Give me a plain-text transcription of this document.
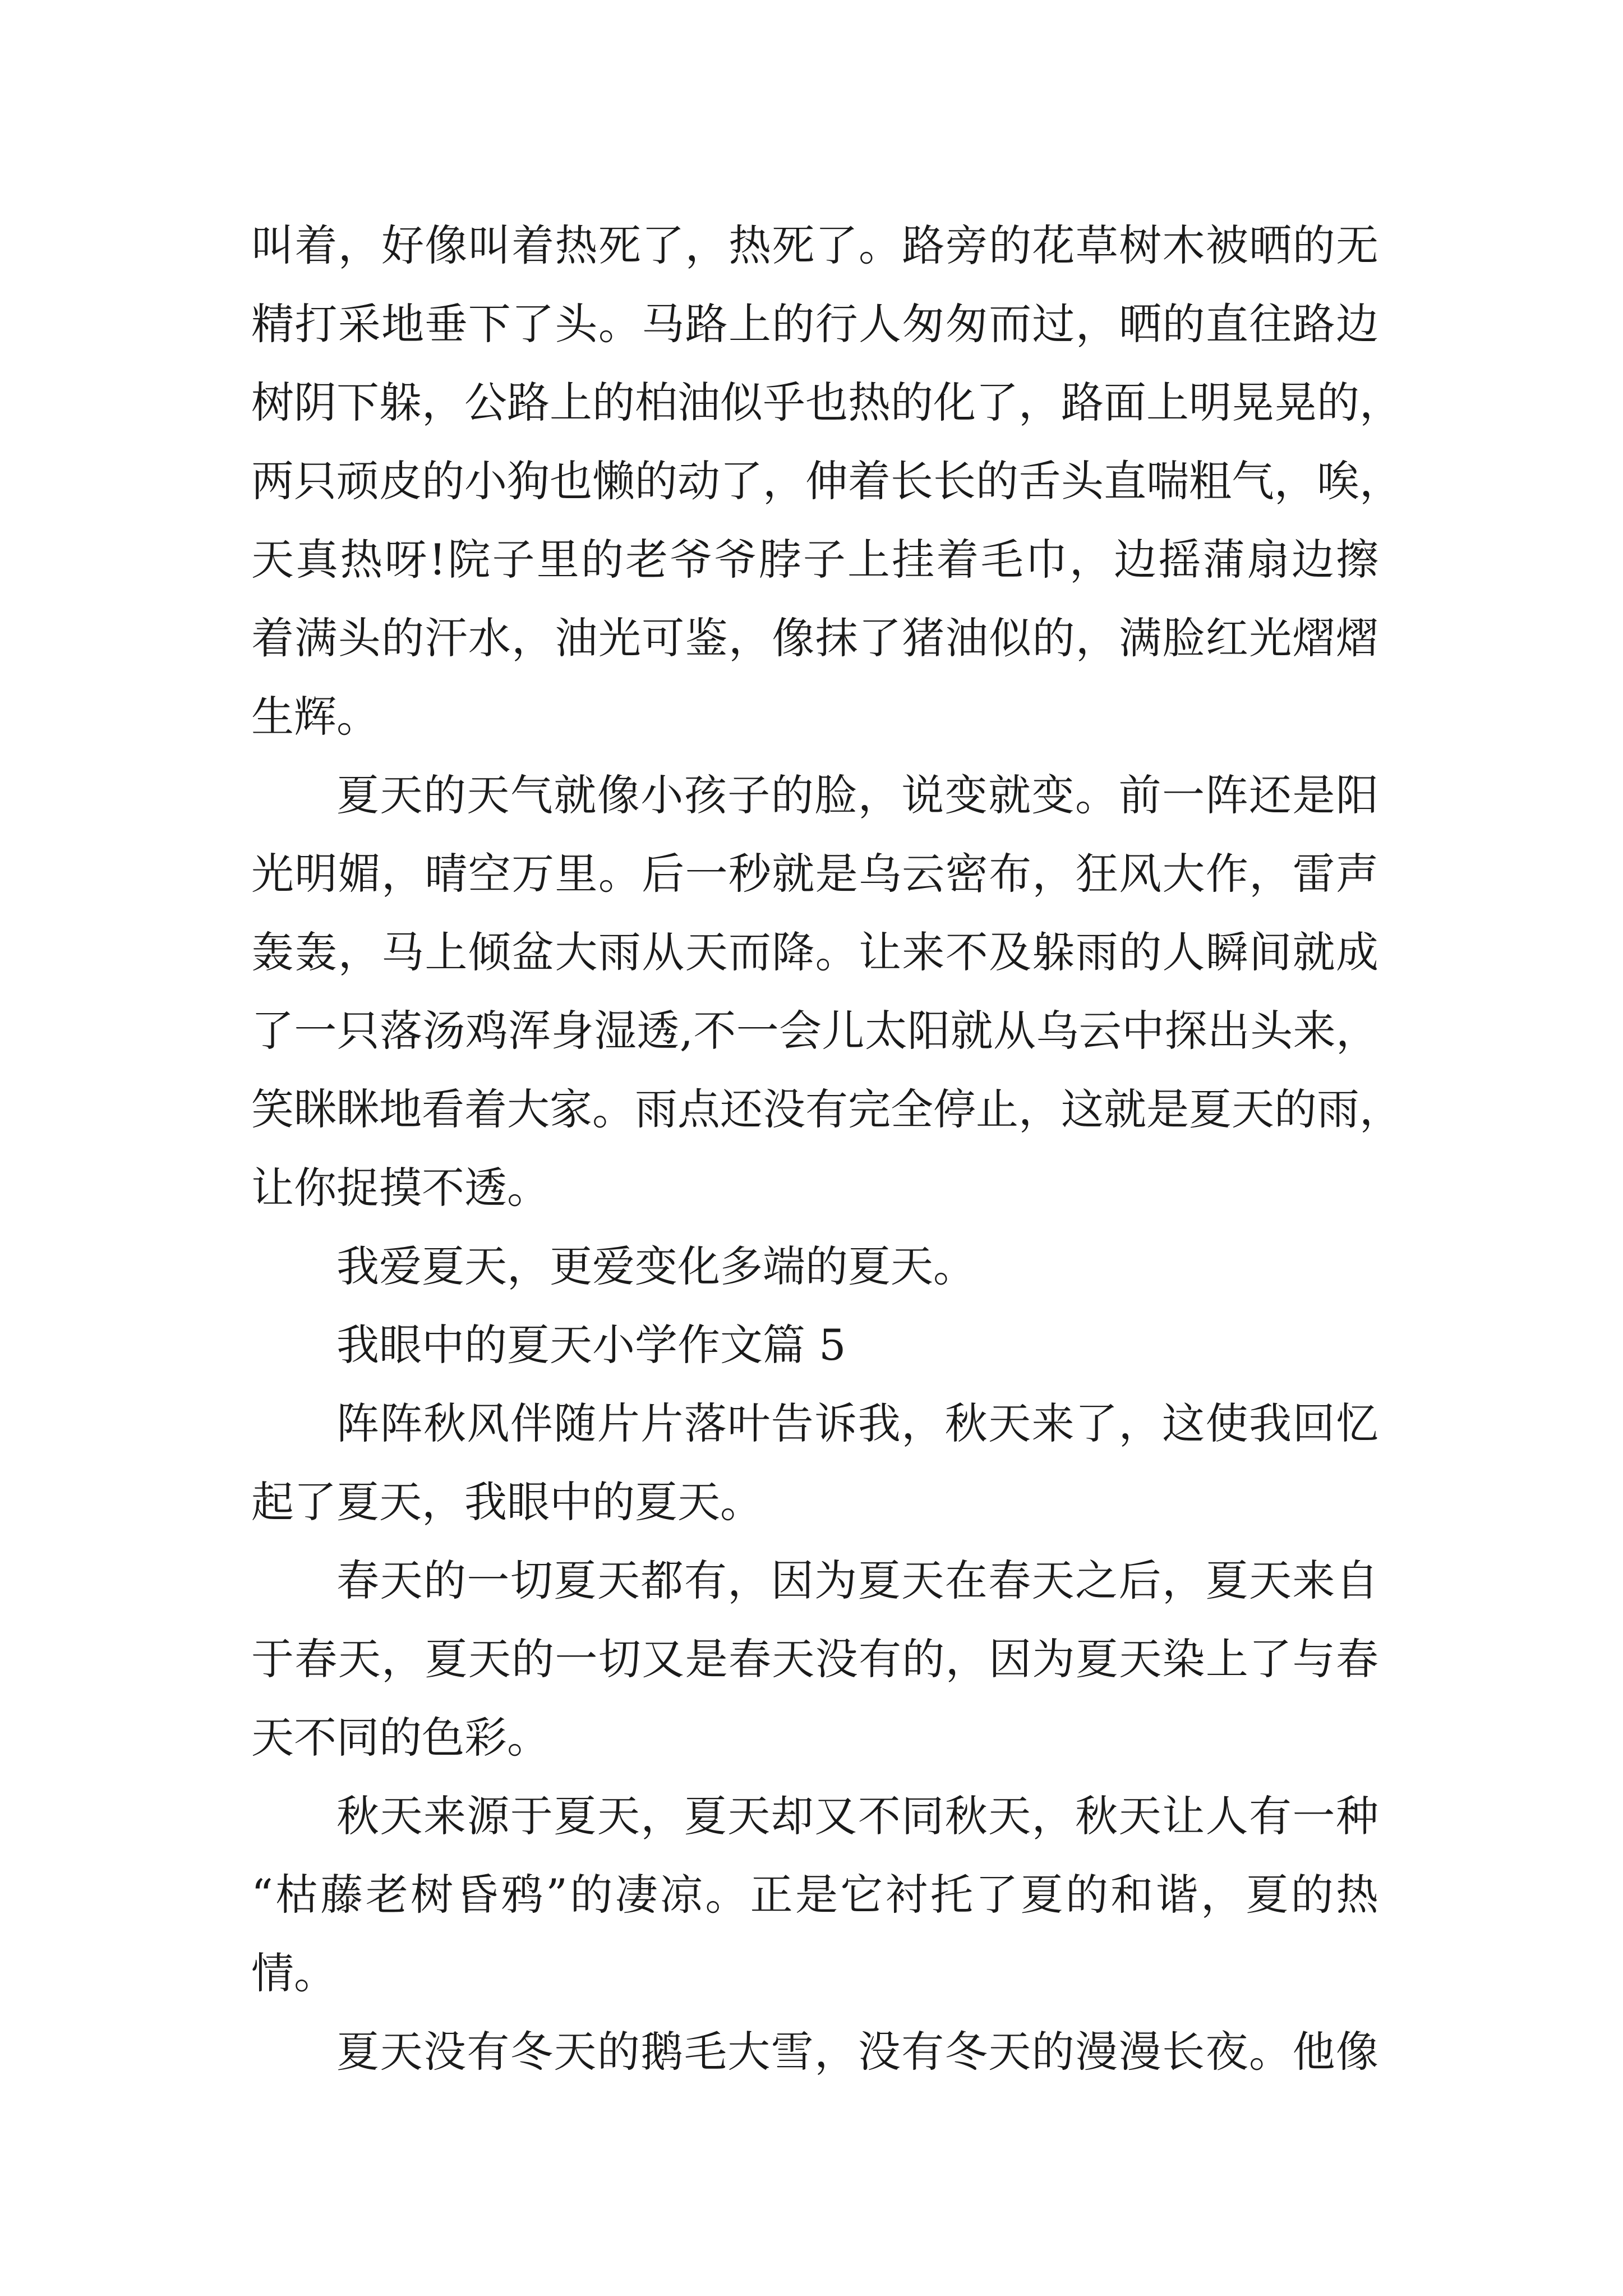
叫着，好像叫着热死了，热死了。路旁的花草树木被晒的无
精打采地垂下了头。马路上的行人匆匆而过，晒的直往路边
树阴下躲，公路上的柏油似乎也热的化了，路面上明晃晃的，
两只顽皮的小狗也懒的动了，伸着长长的舌头直喘粗气，唉，
天真热呀!院子里的老爷爷脖子上挂着毛巾，边摇蒲扇边擦
着满头的汗水，油光可鉴，像抹了猪油似的，满脸红光熠熠
生辉。
夏天的天气就像小孩子的脸，说变就变。前一阵还是阳
光明媚，晴空万里。后一秒就是乌云密布，狂风大作，雷声
轰轰，马上倾盆大雨从天而降。让来不及躲雨的人瞬间就成
了一只落汤鸡浑身湿透,不一会儿太阳就从乌云中探出头来，
笑眯眯地看着大家。雨点还没有完全停止，这就是夏天的雨，
让你捉摸不透。
我爱夏天，更爱变化多端的夏天。
我眼中的夏天小学作文篇 5
阵阵秋风伴随片片落叶告诉我，秋天来了，这使我回忆
起了夏天，我眼中的夏天。
春天的一切夏天都有，因为夏天在春天之后，夏天来自
于春天，夏天的一切又是春天没有的，因为夏天染上了与春
天不同的色彩。
秋天来源于夏天，夏天却又不同秋天，秋天让人有一种
“枯藤老树昏鸦”的凄凉。正是它衬托了夏的和谐，夏的热
情。
夏天没有冬天的鹅毛大雪，没有冬天的漫漫长夜。他像
